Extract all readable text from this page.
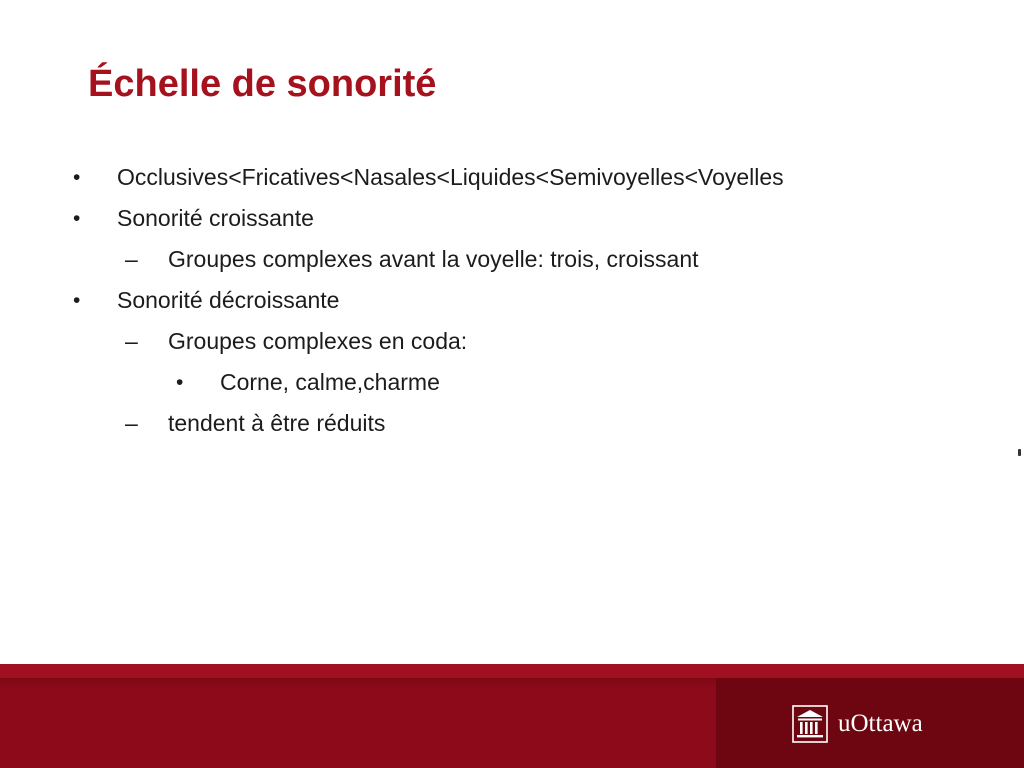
Échelle de sonorité
• Occlusives<Fricatives<Nasales<Liquides<Semivoyelles<Voyelles
• Sonorité croissante
– Groupes complexes avant la voyelle: trois, croissant
• Sonorité décroissante
– Groupes complexes en coda:
• Corne, calme,charme
– tendent à être réduits
uOttawa
